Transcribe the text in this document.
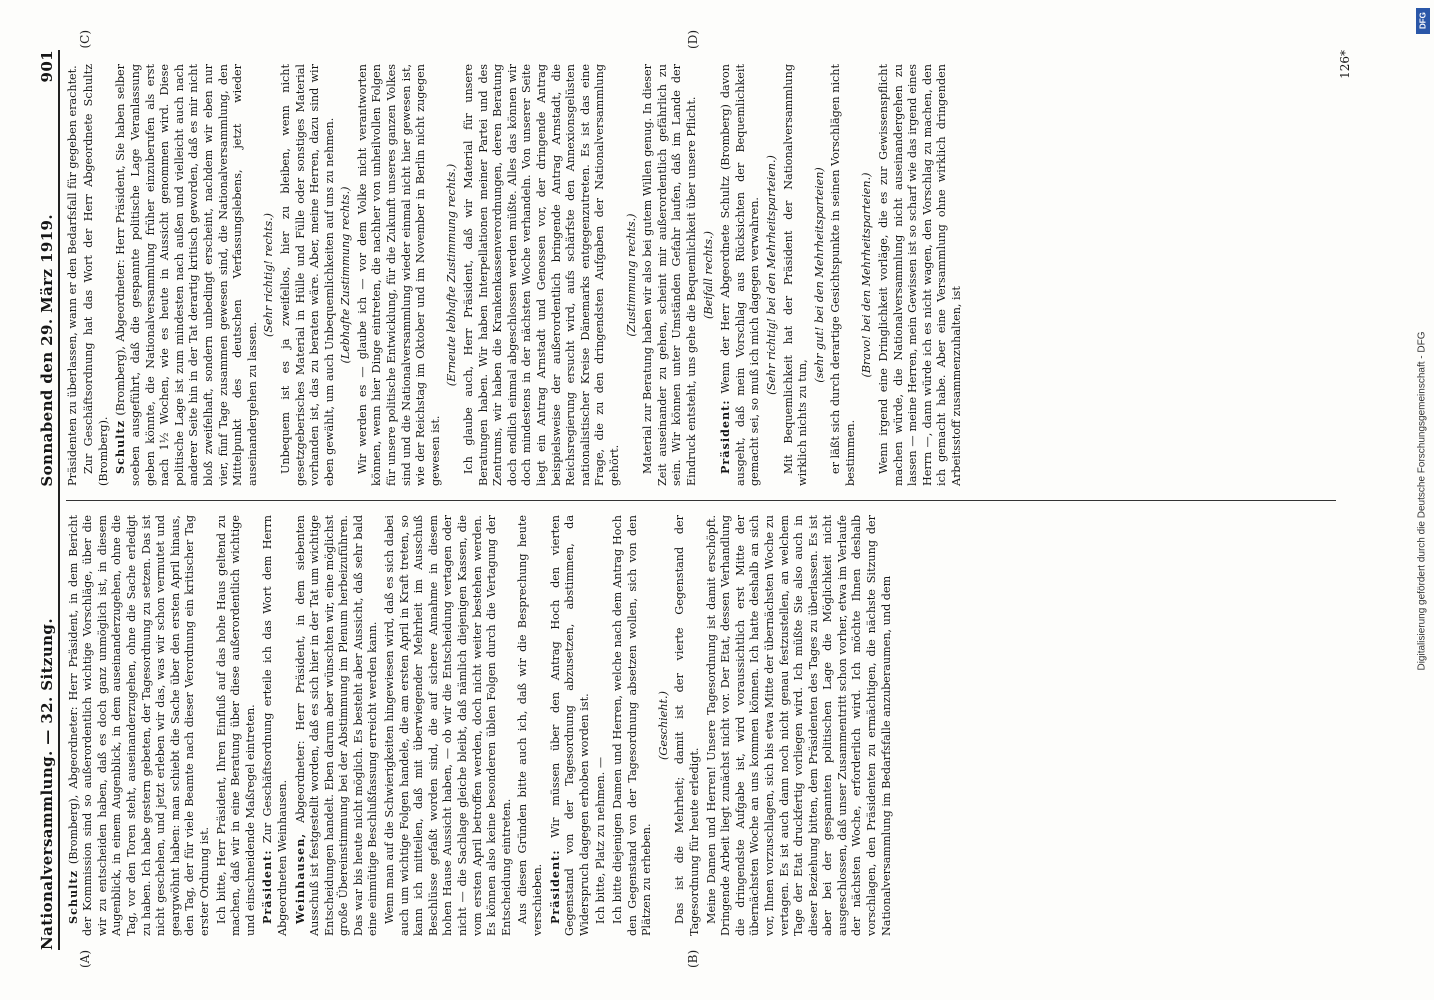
Nationalversammlung. — 32. Sitzung.
Sonnabend den 29. März 1919.
901

Schultz (Bromberg), Abgeordneter: Herr Präsident, in dem Bericht der Kommission sind so außerordentlich wichtige Vorschläge, über die wir zu entscheiden haben, daß es doch ganz unmöglich ist, in diesem Augenblick, in einem Augenblick, in dem auseinanderzugehen, ohne die Tag, vor den Toren steht, auseinanderzugehen, ohne die Sache erledigt zu haben. Ich habe gestern gebeten, der Tagesordnung zu setzen. Das ist nicht geschehen, und jetzt erleben wir das, was wir schon vermutet und geargwöhnt haben: man schiebt die Sache über den ersten April hinaus, den Tag, der für viele Beamte nach dieser Verordnung ein kritischer Tag erster Ordnung ist. Ich bitte, Herr Präsident, Ihren Einfluß auf das hohe Haus geltend zu machen, daß wir in eine Beratung über diese außerordentlich wichtige und einschneidende Maßregel eintreten. Präsident: Zur Geschäftsordnung erteile ich das Wort dem Herrn Abgeordneten Weinhausen. Weinhausen, Abgeordneter: Herr Präsident, in dem siebenten Ausschuß ist festgestellt worden, daß es sich hier in der Tat um wichtige Entscheidungen handelt. Eben darum aber wünschten wir, eine möglichst große Übereinstimmung bei der Abstimmung im Plenum herbeizuführen. Das war bis heute nicht möglich. Es besteht aber Aussicht, daß sehr bald eine einmütige Beschlußfassung erreicht werden kann. Wenn man auf die Schwierigkeiten hingewiesen wird, daß es sich dabei auch um wichtige Folgen handele, die am ersten April in Kraft treten, so kann ich mitteilen, daß mit überwiegender Mehrheit im Ausschuß Beschlüsse gefaßt worden sind, die auf sichere Annahme in diesem hohen Hause Aussicht haben, — ob wir die Entscheidung vertagen oder nicht — die Sachlage gleiche bleibt, daß nämlich diejenigen Kassen, die vom ersten April betroffen werden, doch nicht weiter bestehen werden. Es können also keine besonderen üblen Folgen durch die Vertagung der Entscheidung eintreten. Aus diesen Gründen bitte auch ich, daß wir die Besprechung heute verschieben. Präsident: Wir müssen über den Antrag Hoch den vierten Gegenstand von der Tagesordnung abzusetzen, abstimmen, da Widerspruch dagegen erhoben worden ist. Ich bitte, Platz zu nehmen. — Ich bitte diejenigen Damen und Herren, welche nach dem Antrag Hoch den Gegenstand von der Tagesordnung absetzen wollen, sich von den Plätzen zu erheben.

(Geschieht.) Das ist die Mehrheit; damit ist der vierte Gegenstand der Tagesordnung für heute erledigt. Meine Damen und Herren! Unsere Tagesordnung ist damit erschöpft. Dringende Arbeit liegt zunächst nicht vor. Der Etat, dessen Verhandlung die dringendste Aufgabe ist, wird voraussichtlich erst Mitte der übernächsten Woche an uns kommen können. Ich hatte deshalb an sich vor, Ihnen vorzuschlagen, sich bis etwa Mitte der übernächsten Woche zu vertagen. Es ist auch dann noch nicht genau festzustellen, an welchem Tage der Etat druckfertig vorliegen wird. Ich müßte Sie also auch in dieser Beziehung bitten, dem Präsidenten des Tages zu überlassen. Es ist aber bei der gespannten politischen Lage die Möglichkeit nicht ausgeschlossen, daß unser Zusammentritt schon vorher, etwa im Verlaufe der nächsten Woche, erforderlich wird. Ich möchte Ihnen deshalb vorschlagen, den Präsidenten zu ermächtigen, die nächste Sitzung der Nationalversammlung im Bedarfsfalle anzuberaumen, und dem

Präsidenten zu überlassen, wann er den Bedarfsfall für gegeben erachtet. Zur Geschäftsordnung hat das Wort der Herr Abgeordnete Schultz (Bromberg). Schultz (Bromberg), Abgeordneter: Herr Präsident, Sie haben selber soeben ausgeführt, daß die gespannte politische Lage Veranlassung geben könnte, die Nationalversammlung früher einzuberufen als erst nach 1½ Wochen, wie es heute in Aussicht genommen wird. Diese politische Lage ist zum mindesten nach außen und vielleicht auch nach anderer Seite hin in der Tat derartig kritisch geworden, daß es mir nicht bloß zweifelhaft, sondern unbedingt erscheint, nachdem wir eben nur vier, fünf Tage zusammen gewesen sind, die Nationalversammlung, den Mittelpunkt des deutschen Verfassungslebens, jetzt wieder auseinandergehen zu lassen.

(Sehr richtig! rechts.) Unbequem ist es ja zweifellos, hier zu bleiben, wenn nicht gesetzgeberisches Material in Hülle und Fülle oder sonstiges Material vorhanden ist, das zu beraten wäre. Aber, meine Herren, dazu sind wir eben gewählt, um auch Unbequemlichkeiten auf uns zu nehmen. (Lebhafte Zustimmung rechts.) Wir werden es — glaube ich — vor dem Volke nicht verantworten können, wenn hier Dinge eintreten, die nachher von unheilvollen Folgen für unsere politische Entwicklung, für die Zukunft unseres ganzen Volkes sind und die Nationalversammlung wieder einmal nicht hier gewesen ist, wie der Reichstag im Oktober und im November in Berlin nicht zugegen gewesen ist.

(Erneute lebhafte Zustimmung rechts.) Ich glaube auch, Herr Präsident, daß wir Material für unsere Beratungen haben. Wir haben Interpellationen meiner Partei und des Zentrums, wir haben die Krankenkassenverordnungen, deren Beratung doch endlich einmal abgeschlossen werden müßte. Alles das können wir doch mindestens in der nächsten Woche verhandeln. Von unserer Seite liegt ein Antrag Arnstadt und Genossen vor, der dringende Antrag beispielsweise der außerordentlich bringende Antrag Arnstadt, die Reichsregierung ersucht wird, aufs schärfste den Annexionsgelüsten nationalistischer Kreise Dänemarks entgegenzutreten. Es ist das eine Frage, die zu den dringendsten Aufgaben der Nationalversammlung gehört.

(Zustimmung rechts.) Material zur Beratung haben wir also bei gutem Willen genug. In dieser Zeit auseinander zu gehen, scheint mir außerordentlich gefährlich zu sein. Wir können unter Umständen Gefahr laufen, daß im Lande der Eindruck entsteht, uns gehe die Bequemlichkeit über unsere Pflicht. (Beifall rechts.)

Präsident: Wenn der Herr Abgeordnete Schultz (Bromberg) davon ausgeht, daß mein Vorschlag aus Rücksichten der Bequemlichkeit gemacht sei, so muß ich mich dagegen verwahren. (Sehr richtig! bei den Mehrheitsparteien.) Mit Bequemlichkeit hat der Präsident der Nationalversammlung wirklich nichts zu tun,

(sehr gut! bei den Mehrheitsparteien) er läßt sich durch derartige Gesichtspunkte in seinen Vorschlägen nicht bestimmen.

(Bravo! bei den Mehrheitsparteien.) Wenn irgend eine Dringlichkeit vorläge, die es zur Gewissenspflicht machen würde, die Nationalversammlung nicht auseinandergehen zu lassen — meine Herren, mein Gewissen ist so scharf wie das irgend eines Herrn —, dann würde ich es nicht wagen, den Vorschlag zu machen, den ich gemacht habe. Aber eine Versammlung ohne wirklich dringenden Arbeitsstoff zusammenzuhalten, ist

(A)	(B)
(C)	(D)
126*
Digitalisierung gefördert durch die Deutsche Forschungsgemeinschaft - DFG
DFG
